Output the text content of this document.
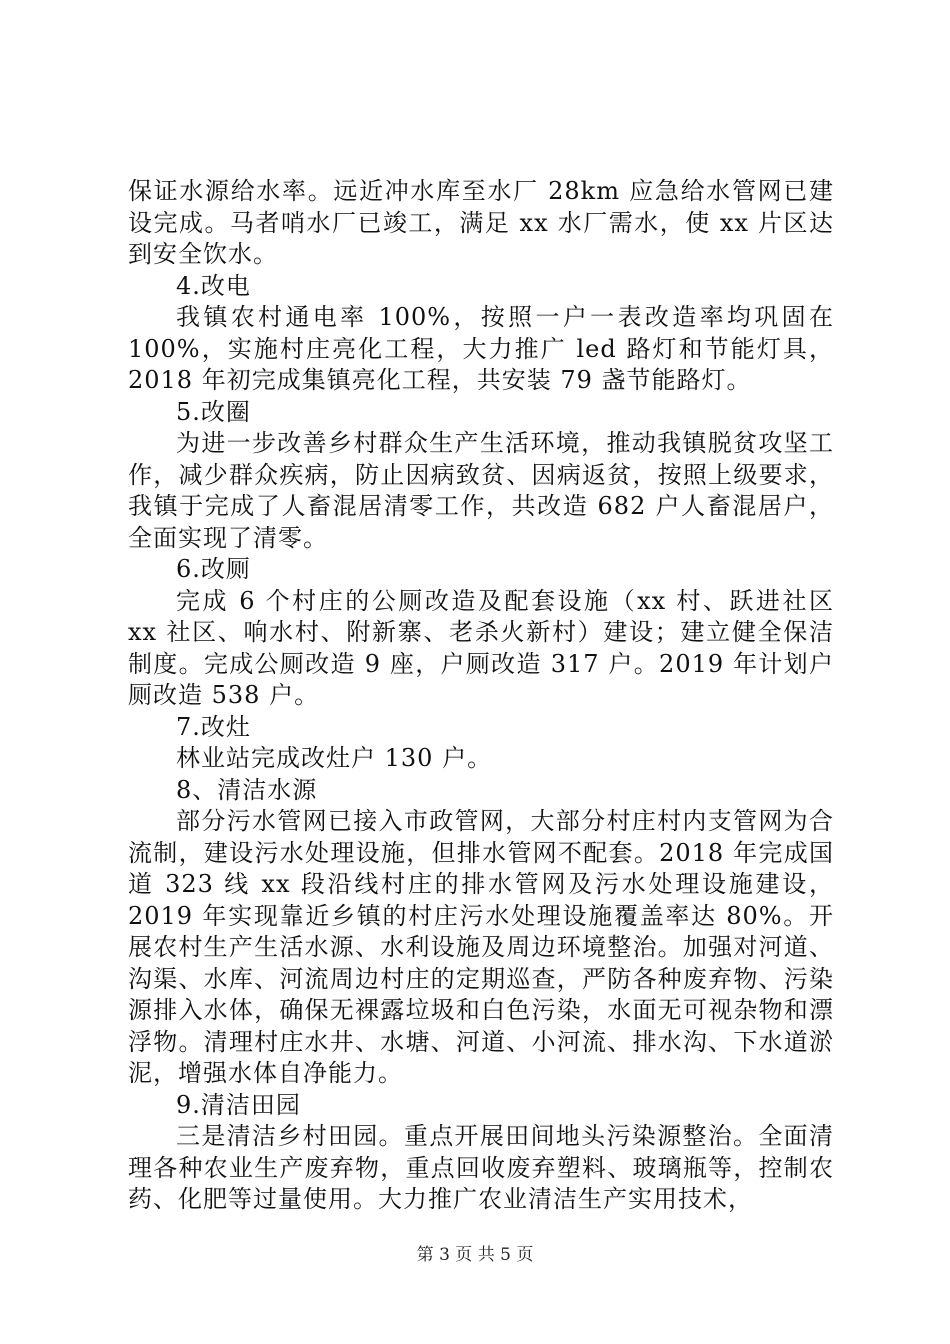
保证水源给水率。远近冲水库至水厂 28km 应急给水管网已建设完成。马者哨水厂已竣工，满足 xx 水厂需水，使 xx 片区达到安全饮水。

4.改电

我镇农村通电率 100%，按照一户一表改造率均巩固在 100%，实施村庄亮化工程，大力推广 led 路灯和节能灯具，2018 年初完成集镇亮化工程，共安装 79 盏节能路灯。

5.改圈

为进一步改善乡村群众生产生活环境，推动我镇脱贫攻坚工作，减少群众疾病，防止因病致贫、因病返贫，按照上级要求，我镇于完成了人畜混居清零工作，共改造 682 户人畜混居户，全面实现了清零。

6.改厕

完成 6 个村庄的公厕改造及配套设施（xx 村、跃进社区 xx 社区、响水村、附新寨、老杀火新村）建设；建立健全保洁制度。完成公厕改造 9 座，户厕改造 317 户。2019 年计划户厕改造 538 户。

7.改灶

林业站完成改灶户 130 户。

8、清洁水源

部分污水管网已接入市政管网，大部分村庄村内支管网为合流制，建设污水处理设施，但排水管网不配套。2018 年完成国道 323 线 xx 段沿线村庄的排水管网及污水处理设施建设，2019 年实现靠近乡镇的村庄污水处理设施覆盖率达 80%。开展农村生产生活水源、水利设施及周边环境整治。加强对河道、沟渠、水库、河流周边村庄的定期巡查，严防各种废弃物、污染源排入水体，确保无裸露垃圾和白色污染，水面无可视杂物和漂浮物。清理村庄水井、水塘、河道、小河流、排水沟、下水道淤泥，增强水体自净能力。

9.清洁田园

三是清洁乡村田园。重点开展田间地头污染源整治。全面清理各种农业生产废弃物，重点回收废弃塑料、玻璃瓶等，控制农药、化肥等过量使用。大力推广农业清洁生产实用技术，

第 3 页 共 5 页
